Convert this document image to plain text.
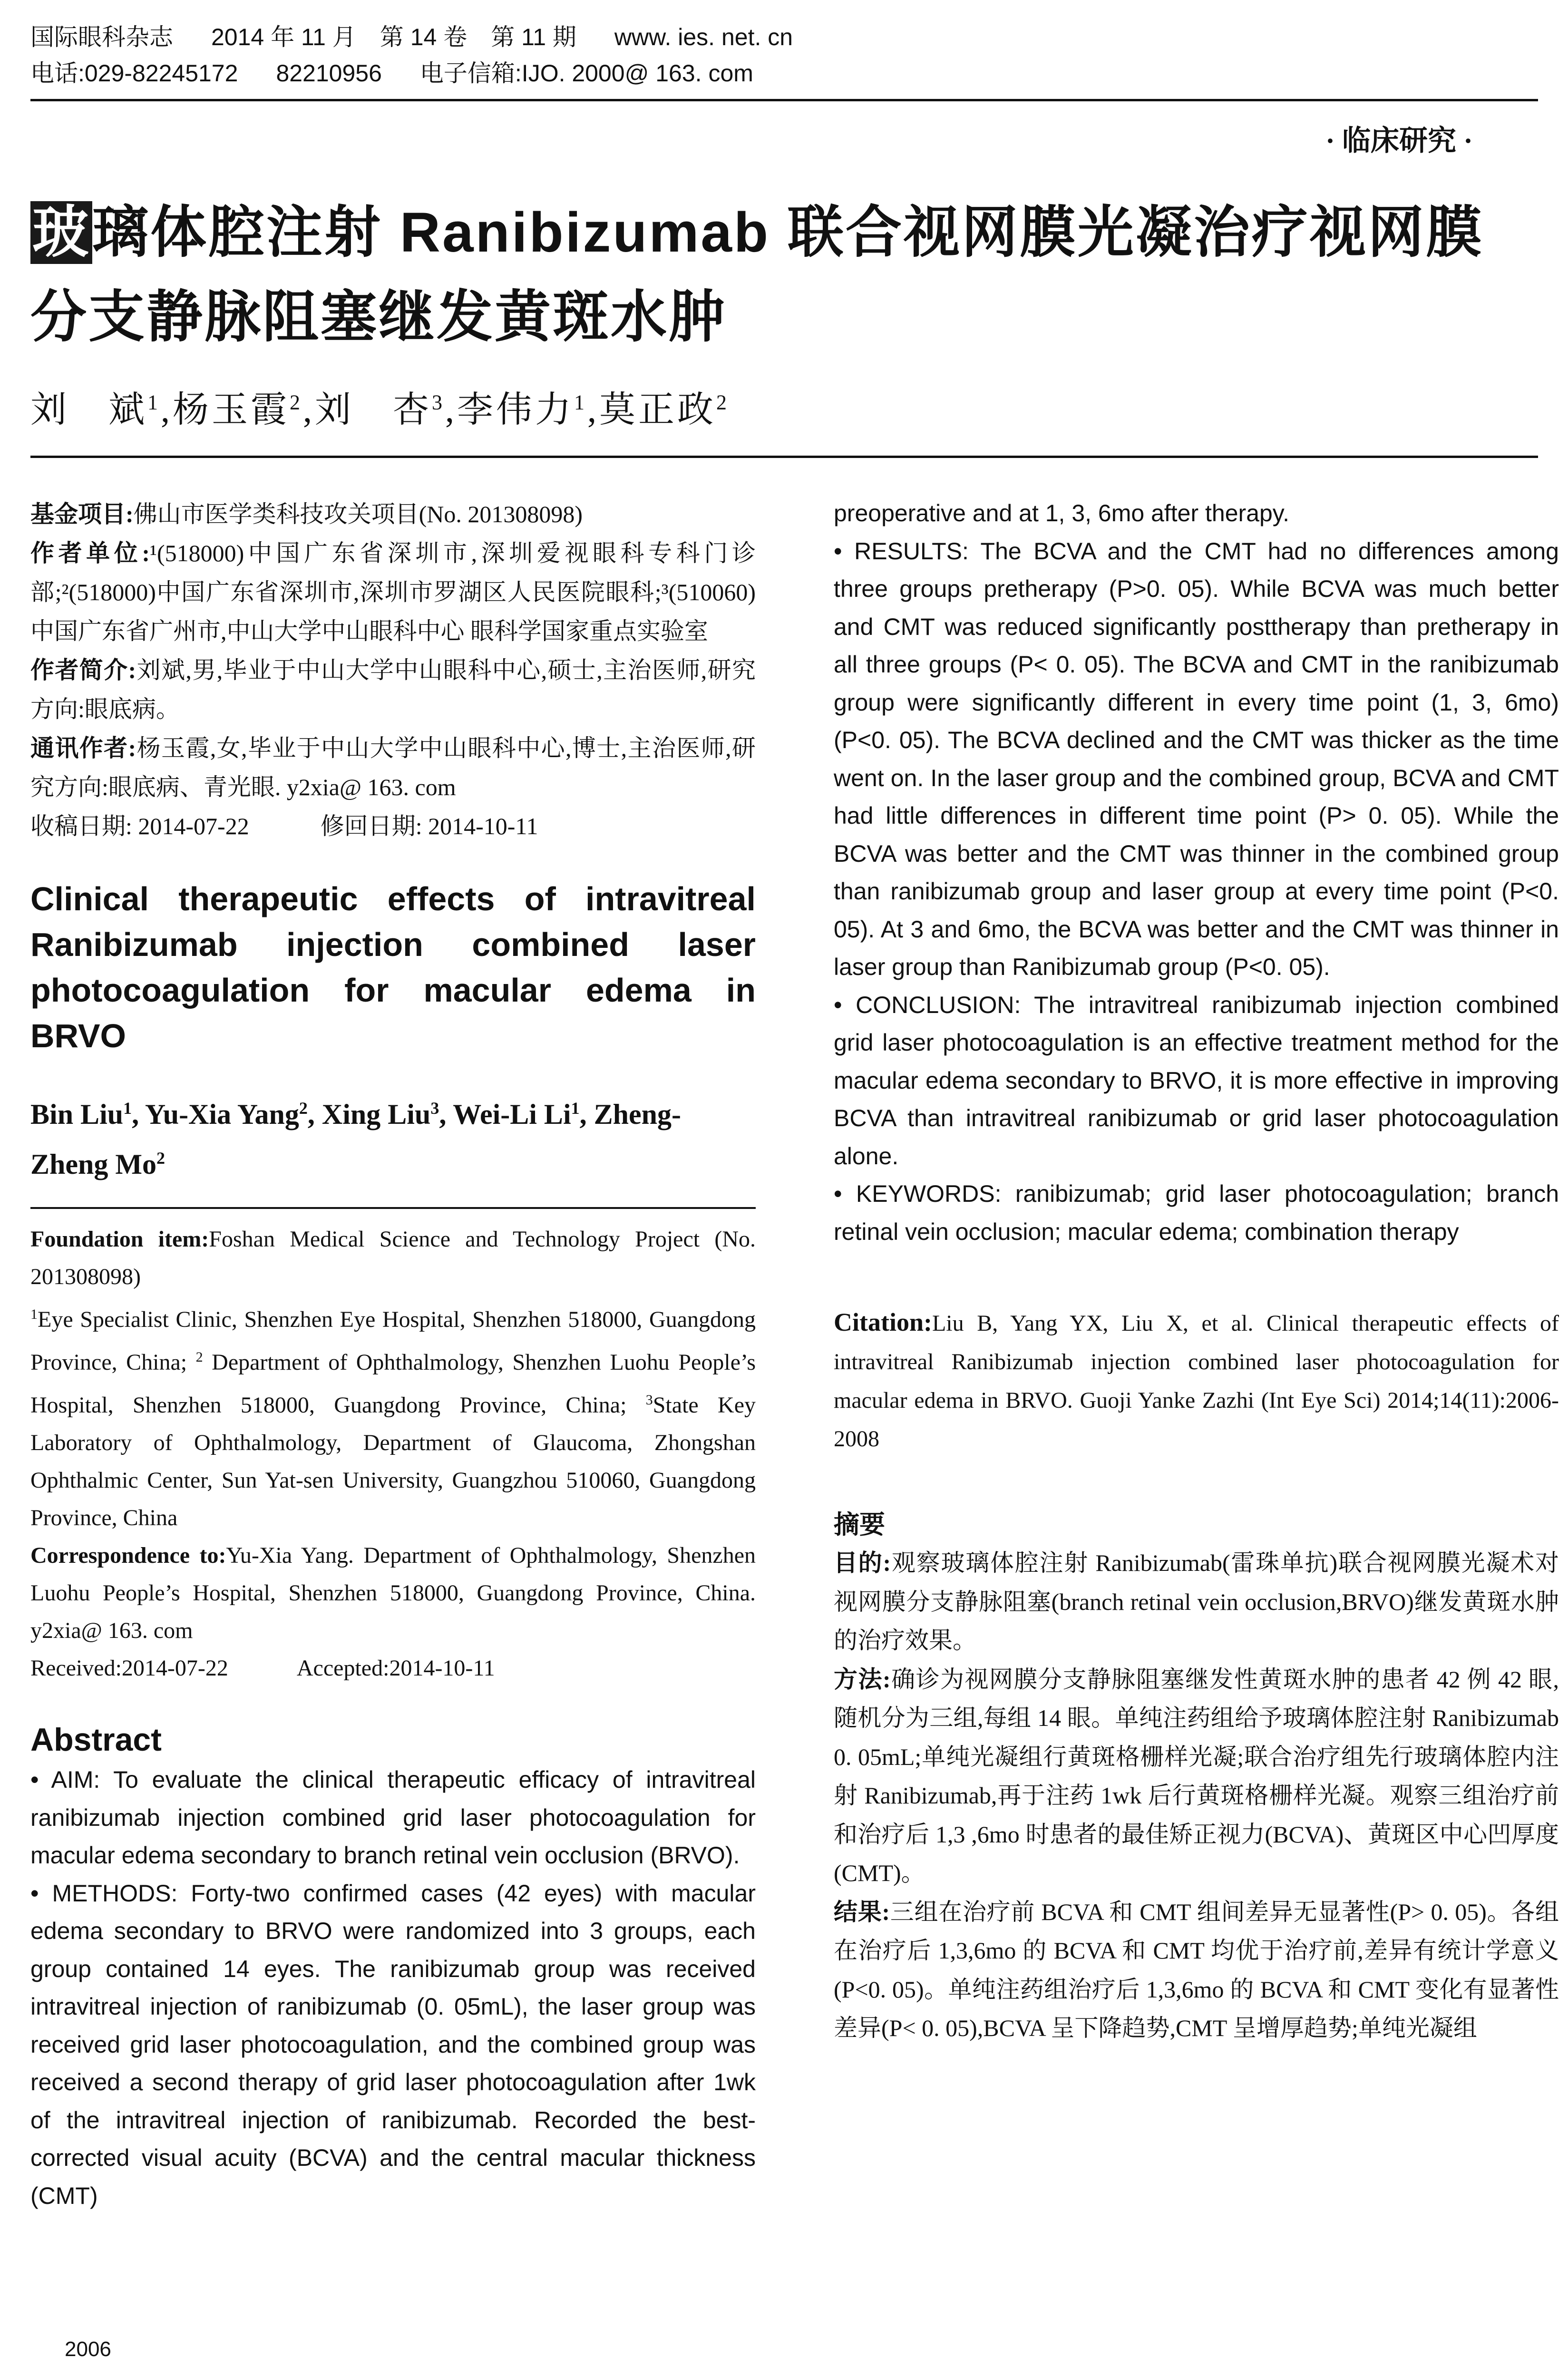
国际眼科杂志 2014 年 11 月　第 14 卷　第 11 期 www. ies. net. cn
电话:029-82245172 82210956 电子信箱:IJO. 2000@ 163. com
· 临床研究 ·
玻璃体腔注射 Ranibizumab 联合视网膜光凝治疗视网膜分支静脉阻塞继发黄斑水肿
刘　斌$^1$,杨玉霞$^2$,刘　杏$^3$,李伟力$^1$,莫正政$^2$
基金项目:佛山市医学类科技攻关项目(No. 201308098)
作者单位:¹(518000)中国广东省深圳市,深圳爱视眼科专科门诊部;²(518000)中国广东省深圳市,深圳市罗湖区人民医院眼科;³(510060)中国广东省广州市,中山大学中山眼科中心 眼科学国家重点实验室
作者简介:刘斌,男,毕业于中山大学中山眼科中心,硕士,主治医师,研究方向:眼底病。
通讯作者:杨玉霞,女,毕业于中山大学中山眼科中心,博士,主治医师,研究方向:眼底病、青光眼. y2xia@ 163. com
收稿日期: 2014-07-22　　　	修回日期: 2014-10-11
Clinical therapeutic effects of intravitreal Ranibizumab injection combined laser photocoagulation for macular edema in BRVO
Bin Liu$^1$, Yu-Xia Yang$^2$, Xing Liu$^3$, Wei-Li Li$^1$, Zheng-Zheng Mo$^2$
Foundation item:Foshan Medical Science and Technology Project (No. 201308098)
$^1$Eye Specialist Clinic, Shenzhen Eye Hospital, Shenzhen 518000, Guangdong Province, China; $^2$ Department of Ophthalmology, Shenzhen Luohu People’s Hospital, Shenzhen 518000, Guangdong Province, China; $^3$State Key Laboratory of Ophthalmology, Department of Glaucoma, Zhongshan Ophthalmic Center, Sun Yat-sen University, Guangzhou 510060, Guangdong Province, China
Correspondence to:Yu-Xia Yang. Department of Ophthalmology, Shenzhen Luohu People’s Hospital, Shenzhen 518000, Guangdong Province, China. y2xia@ 163. com
Received:2014-07-22　　　	Accepted:2014-10-11
Abstract
• AIM: To evaluate the clinical therapeutic efficacy of intravitreal ranibizumab injection combined grid laser photocoagulation for macular edema secondary to branch retinal vein occlusion (BRVO).
• METHODS: Forty-two confirmed cases (42 eyes) with macular edema secondary to BRVO were randomized into 3 groups, each group contained 14 eyes. The ranibizumab group was received intravitreal injection of ranibizumab (0. 05mL), the laser group was received grid laser photocoagulation, and the combined group was received a second therapy of grid laser photocoagulation after 1wk of the intravitreal injection of ranibizumab. Recorded the best-corrected visual acuity (BCVA) and the central macular thickness (CMT)
preoperative and at 1, 3, 6mo after therapy.
• RESULTS: The BCVA and the CMT had no differences among three groups pretherapy (P>0. 05). While BCVA was much better and CMT was reduced significantly posttherapy than pretherapy in all three groups (P< 0. 05). The BCVA and CMT in the ranibizumab group were significantly different in every time point (1, 3, 6mo) (P<0. 05). The BCVA declined and the CMT was thicker as the time went on. In the laser group and the combined group, BCVA and CMT had little differences in different time point (P> 0. 05). While the BCVA was better and the CMT was thinner in the combined group than ranibizumab group and laser group at every time point (P<0. 05). At 3 and 6mo, the BCVA was better and the CMT was thinner in laser group than Ranibizumab group (P<0. 05).
• CONCLUSION: The intravitreal ranibizumab injection combined grid laser photocoagulation is an effective treatment method for the macular edema secondary to BRVO, it is more effective in improving BCVA than intravitreal ranibizumab or grid laser photocoagulation alone.
• KEYWORDS: ranibizumab; grid laser photocoagulation; branch retinal vein occlusion; macular edema; combination therapy
Citation:Liu B, Yang YX, Liu X, et al. Clinical therapeutic effects of intravitreal Ranibizumab injection combined laser photocoagulation for macular edema in BRVO. Guoji Yanke Zazhi (Int Eye Sci) 2014;14(11):2006-2008
摘要
目的:观察玻璃体腔注射 Ranibizumab(雷珠单抗)联合视网膜光凝术对视网膜分支静脉阻塞(branch retinal vein occlusion,BRVO)继发黄斑水肿的治疗效果。
方法:确诊为视网膜分支静脉阻塞继发性黄斑水肿的患者 42 例 42 眼,随机分为三组,每组 14 眼。单纯注药组给予玻璃体腔注射 Ranibizumab 0. 05mL;单纯光凝组行黄斑格栅样光凝;联合治疗组先行玻璃体腔内注射 Ranibizumab,再于注药 1wk 后行黄斑格栅样光凝。观察三组治疗前和治疗后 1,3 ,6mo 时患者的最佳矫正视力(BCVA)、黄斑区中心凹厚度(CMT)。
结果:三组在治疗前 BCVA 和 CMT 组间差异无显著性(P> 0. 05)。各组在治疗后 1,3,6mo 的 BCVA 和 CMT 均优于治疗前,差异有统计学意义(P<0. 05)。单纯注药组治疗后 1,3,6mo 的 BCVA 和 CMT 变化有显著性差异(P< 0. 05),BCVA 呈下降趋势,CMT 呈增厚趋势;单纯光凝组
2006
